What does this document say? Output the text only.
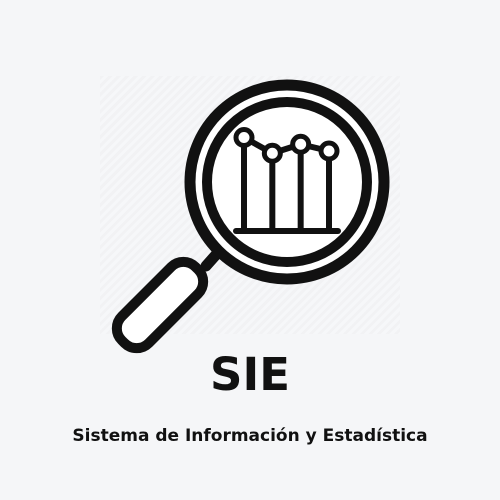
SIE
Sistema de Información y Estadística
